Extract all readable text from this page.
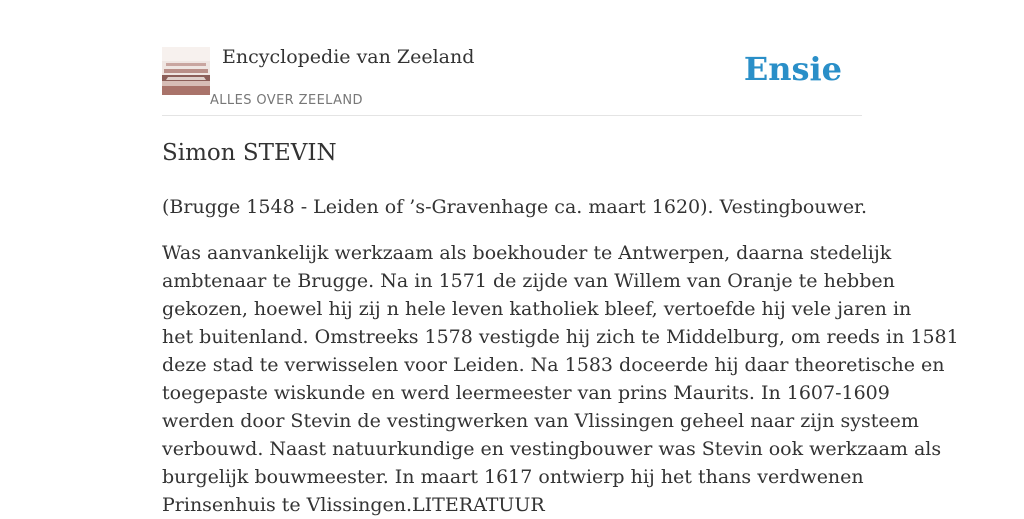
Encyclopedie van Zeeland
ALLES OVER ZEELAND
Ensie
Simon STEVIN

(Brugge 1548 - Leiden of ’s-Gravenhage ca. maart 1620). Vestingbouwer.

Was aanvankelijk werkzaam als boekhouder te Antwerpen, daarna stedelijk
ambtenaar te Brugge. Na in 1571 de zijde van Willem van Oranje te hebben
gekozen, hoewel hij zij n hele leven katholiek bleef, vertoefde hij vele jaren in
het buitenland. Omstreeks 1578 vestigde hij zich te Middelburg, om reeds in 1581
deze stad te verwisselen voor Leiden. Na 1583 doceerde hij daar theoretische en
toegepaste wiskunde en werd leermeester van prins Maurits. In 1607-1609
werden door Stevin de vestingwerken van Vlissingen geheel naar zijn systeem
verbouwd. Naast natuurkundige en vestingbouwer was Stevin ook werkzaam als
burgelijk bouwmeester. In maart 1617 ontwierp hij het thans verdwenen
Prinsenhuis te Vlissingen.LITERATUUR
